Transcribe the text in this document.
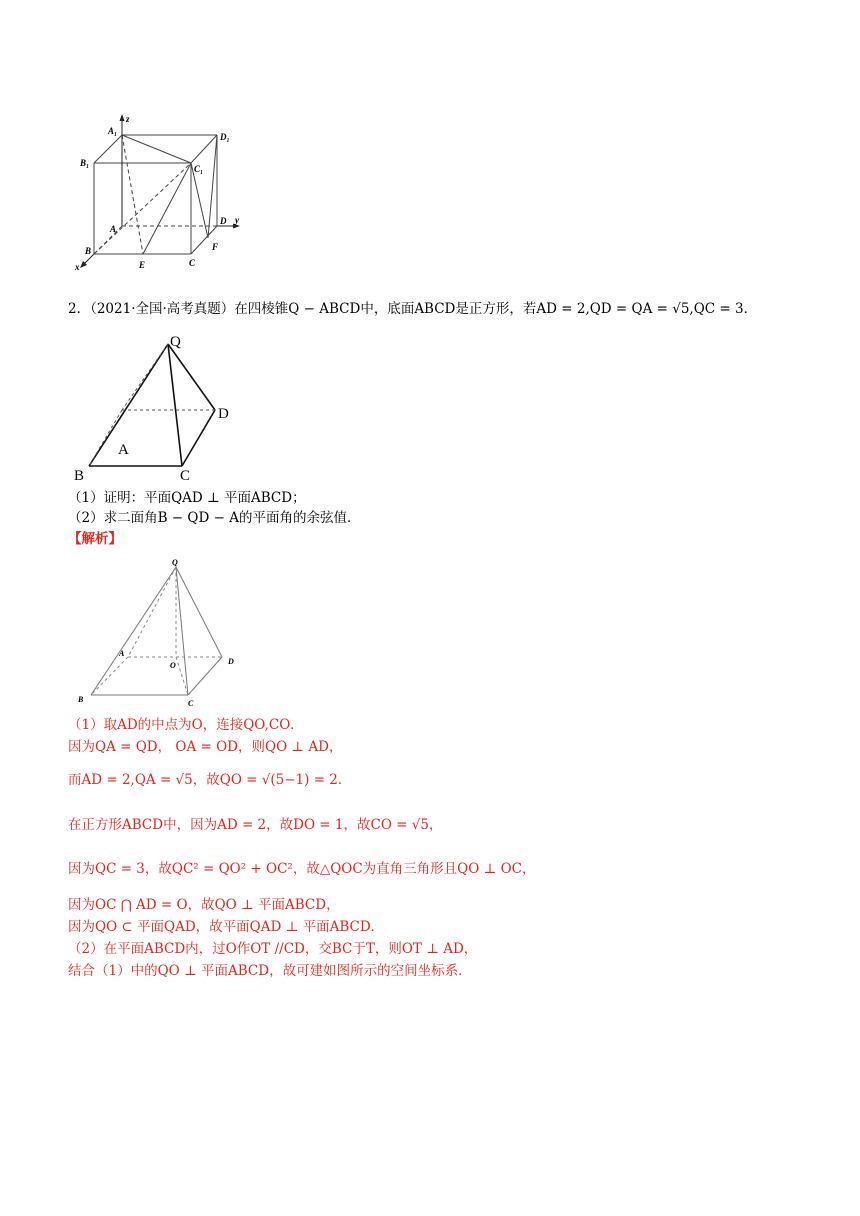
z
y
x
A₁
D₁
B₁
C₁
A
D
F
B
E	C
2．（2021·全国·高考真题）在四棱锥Q − ABCD中，底面ABCD是正方形，若AD = 2,QD = QA = √5,QC = 3．
Q
A
D
B	C
（1）证明：平面QAD ⊥ 平面ABCD；
（2）求二面角B − QD − A的平面角的余弦值．
【解析】
Q
A
O	D
B	C
（1）取AD的中点为O，连接QO,CO．
因为QA = QD， OA = OD，则QO ⊥ AD，
而AD = 2,QA = √5，故QO = √(5−1) = 2．
在正方形ABCD中，因为AD = 2，故DO = 1，故CO = √5，
因为QC = 3，故QC² = QO² + OC²，故△QOC为直角三角形且QO ⊥ OC，
因为OC ⋂ AD = O，故QO ⊥ 平面ABCD，
因为QO ⊂ 平面QAD，故平面QAD ⊥ 平面ABCD．
（2）在平面ABCD内，过O作OT //CD，交BC于T，则OT ⊥ AD，
结合（1）中的QO ⊥ 平面ABCD，故可建如图所示的空间坐标系．
